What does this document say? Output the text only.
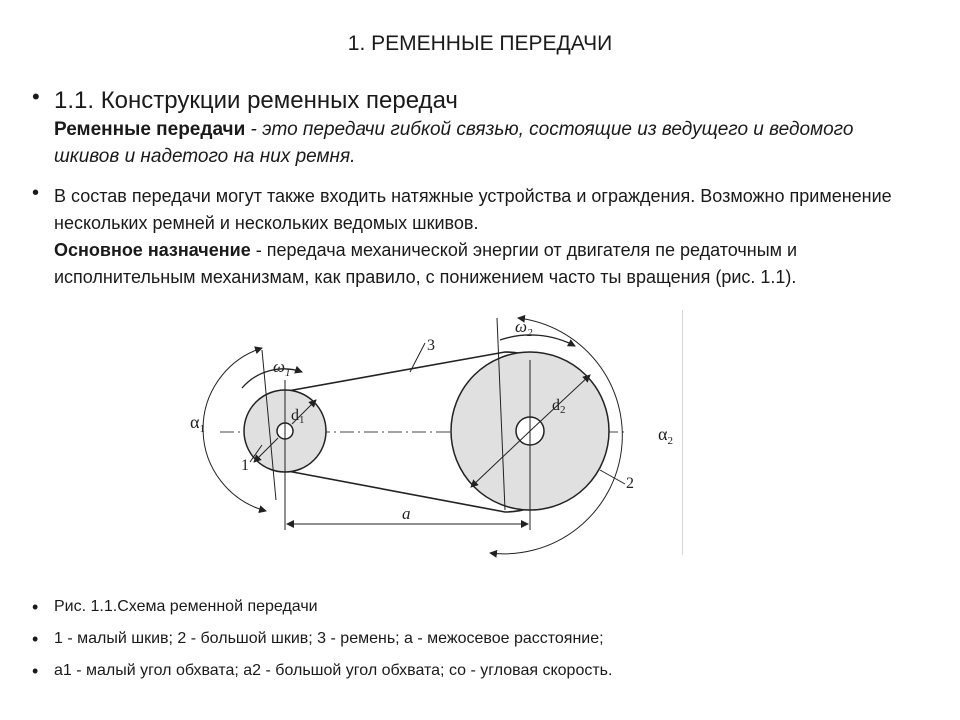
1. РЕМЕННЫЕ ПЕРЕДАЧИ
• 1.1. Конструкции ременных передач
Ременные передачи - это передачи гибкой связью, состоящие из ведущего и ведомого шкивов и надетого на них ремня.
• В состав передачи могут также входить натяжные устройства и ограждения. Возможно применение нескольких ремней и нескольких ведомых шкивов.
Основное назначение - передача механической энергии от двигателя пе редаточным и исполнительным механизмам, как правило, с понижением часто ты вращения (рис. 1.1).
$\omega_1$
$\omega_2$
$\alpha_1$	$\alpha_2$
d1
d2
a
1
2
3
• Рис. 1.1.Схема ременной передачи
• 1 - малый шкив; 2 - большой шкив; 3 - ремень; a - межосевое расстояние;
• a1 - малый угол обхвата; a2 - большой угол обхвата; со - угловая скорость.
